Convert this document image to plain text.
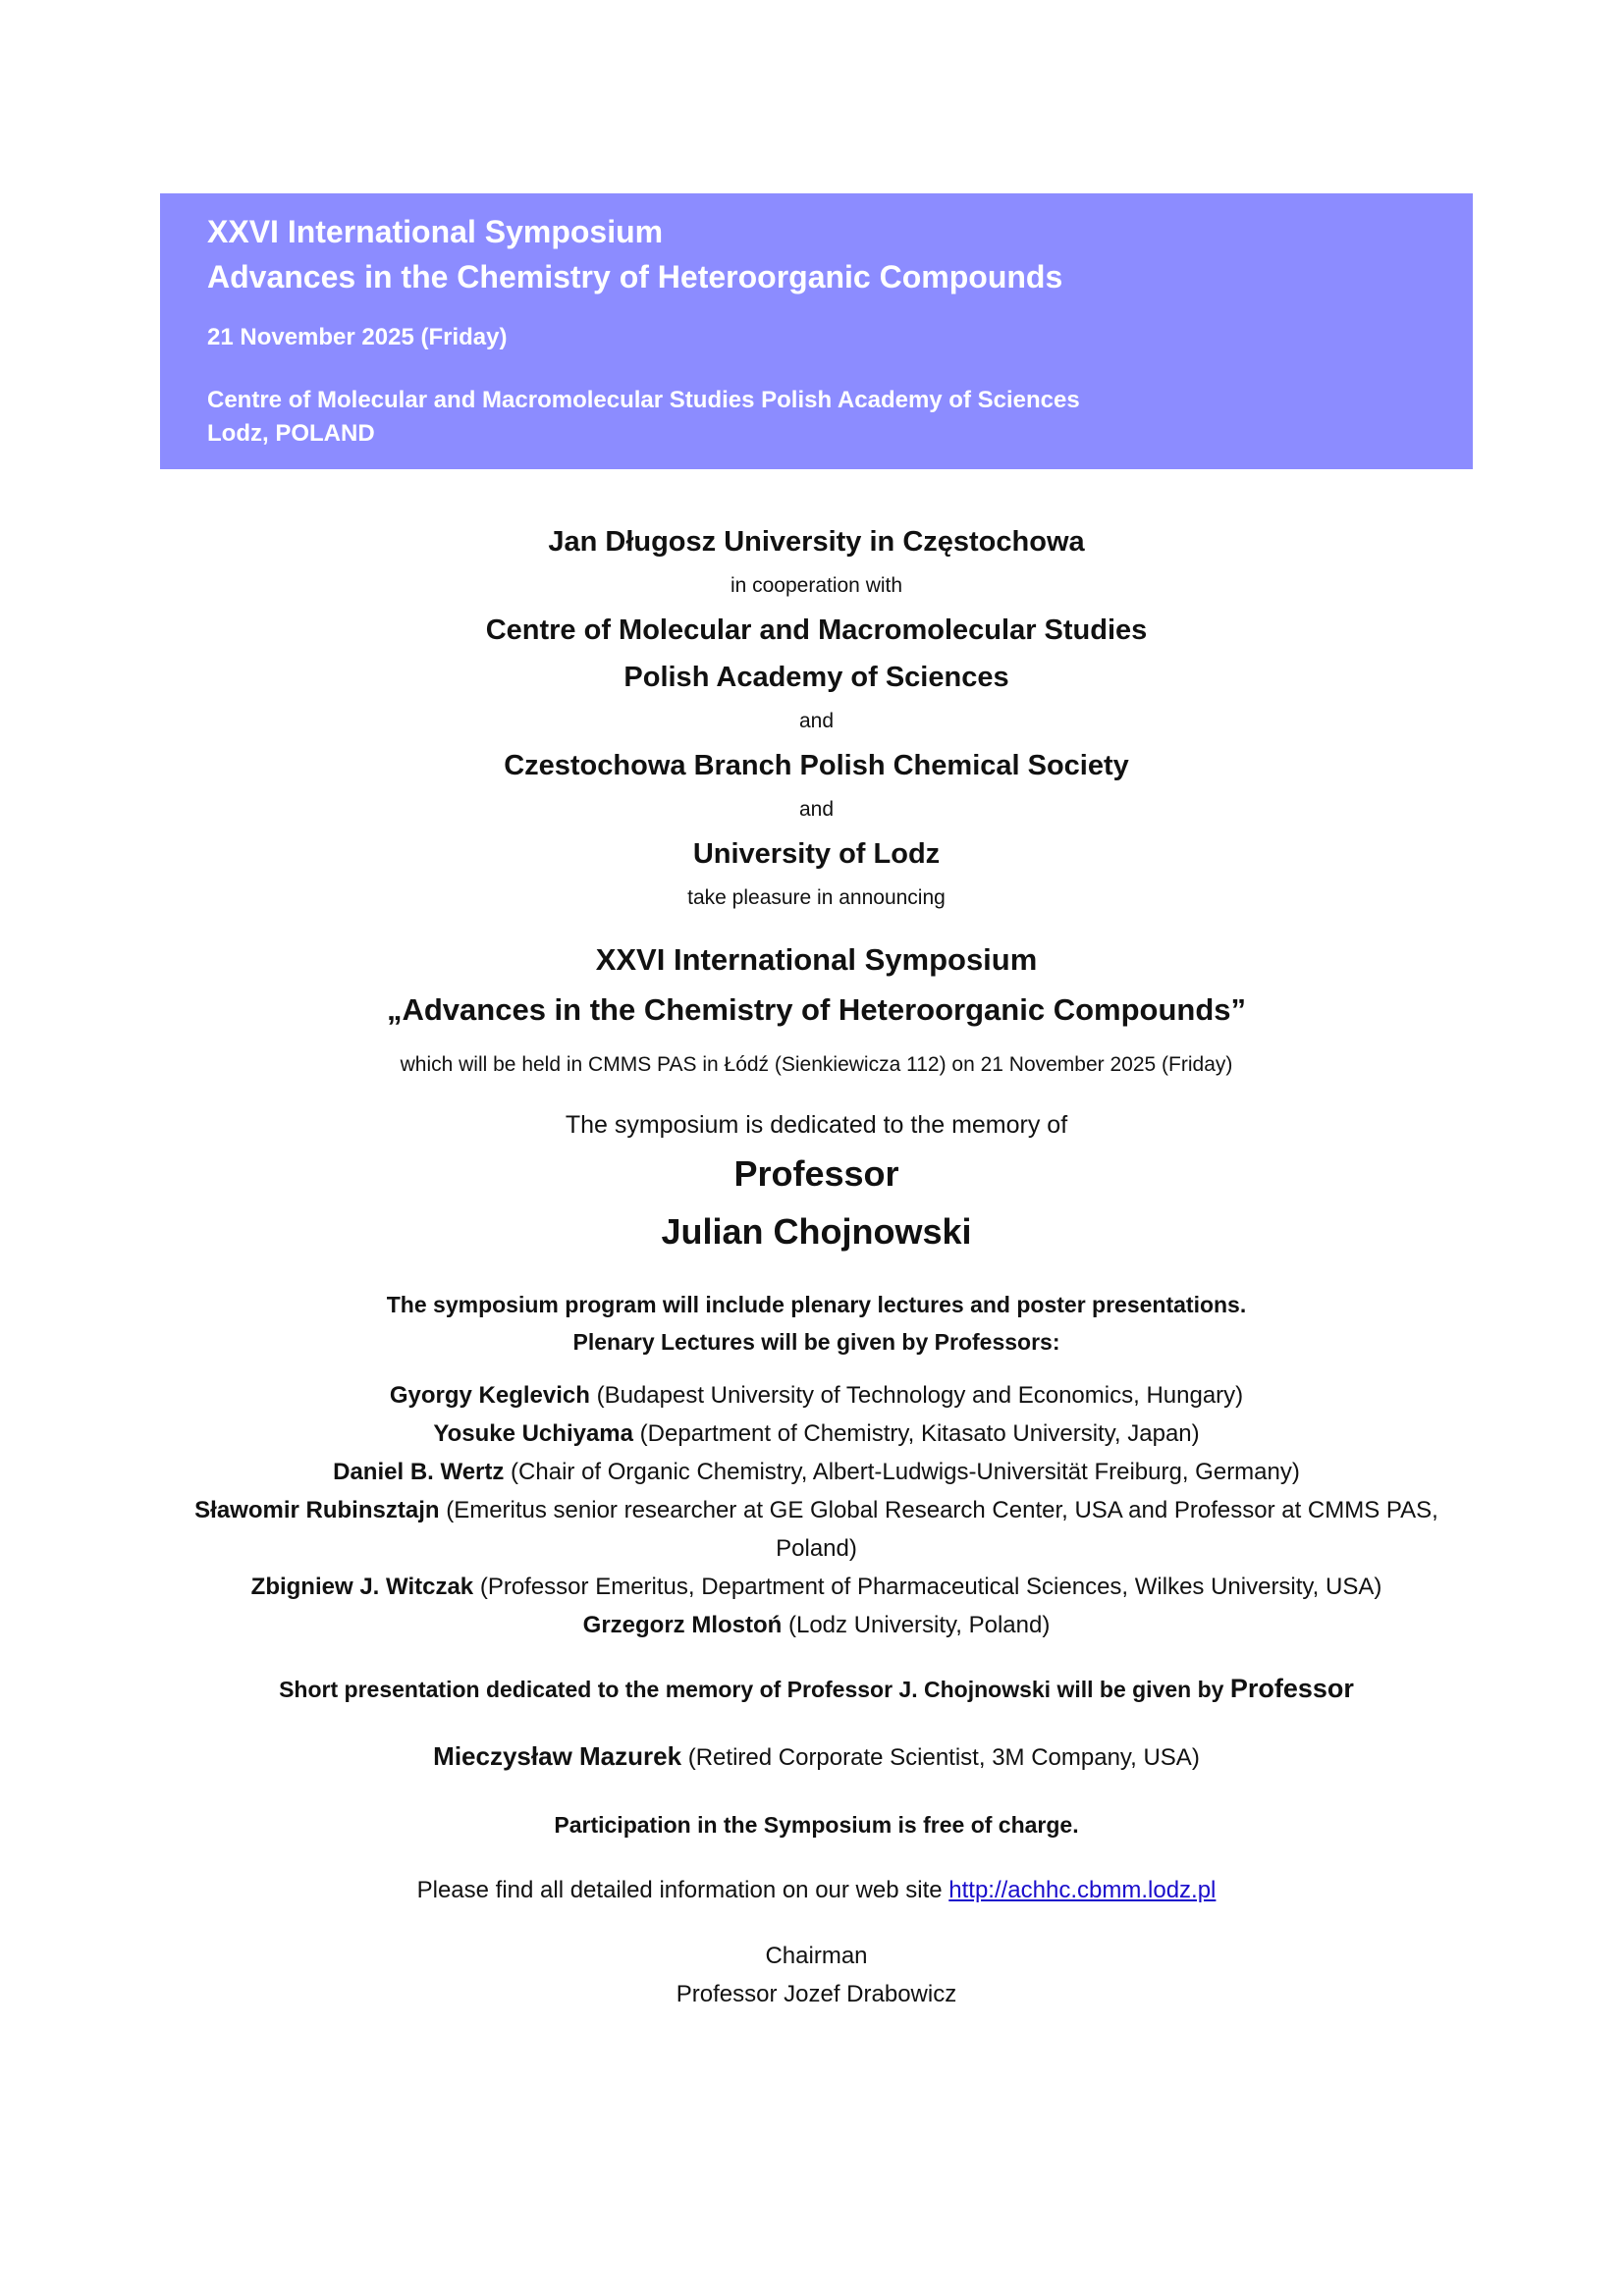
XXVI International Symposium
Advances in the Chemistry of Heteroorganic Compounds
21 November 2025 (Friday)
Centre of Molecular and Macromolecular Studies Polish Academy of Sciences
Lodz, POLAND
Jan Długosz University in Częstochowa
in cooperation with
Centre of Molecular and Macromolecular Studies
Polish Academy of Sciences
and
Czestochowa Branch Polish Chemical Society
and
University of Lodz
take pleasure in announcing
XXVI International Symposium
„Advances in the Chemistry of Heteroorganic Compounds”
which will be held in CMMS PAS in Łódź (Sienkiewicza 112) on 21 November 2025 (Friday)
The symposium is dedicated to the memory of
Professor
Julian Chojnowski
The symposium program will include plenary lectures and poster presentations.
Plenary Lectures will be given by Professors:
Gyorgy Keglevich (Budapest University of Technology and Economics, Hungary)
Yosuke Uchiyama (Department of Chemistry, Kitasato University, Japan)
Daniel B. Wertz (Chair of Organic Chemistry, Albert-Ludwigs-Universität Freiburg, Germany)
Sławomir Rubinsztajn (Emeritus senior researcher at GE Global Research Center, USA and Professor at CMMS PAS, Poland)
Zbigniew J. Witczak (Professor Emeritus, Department of Pharmaceutical Sciences, Wilkes University, USA)
Grzegorz Mlostoń (Lodz University, Poland)
Short presentation dedicated to the memory of Professor J. Chojnowski will be given by Professor
Mieczysław Mazurek (Retired Corporate Scientist, 3M Company, USA)
Participation in the Symposium is free of charge.
Please find all detailed information on our web site http://achhc.cbmm.lodz.pl
Chairman
Professor Jozef Drabowicz
